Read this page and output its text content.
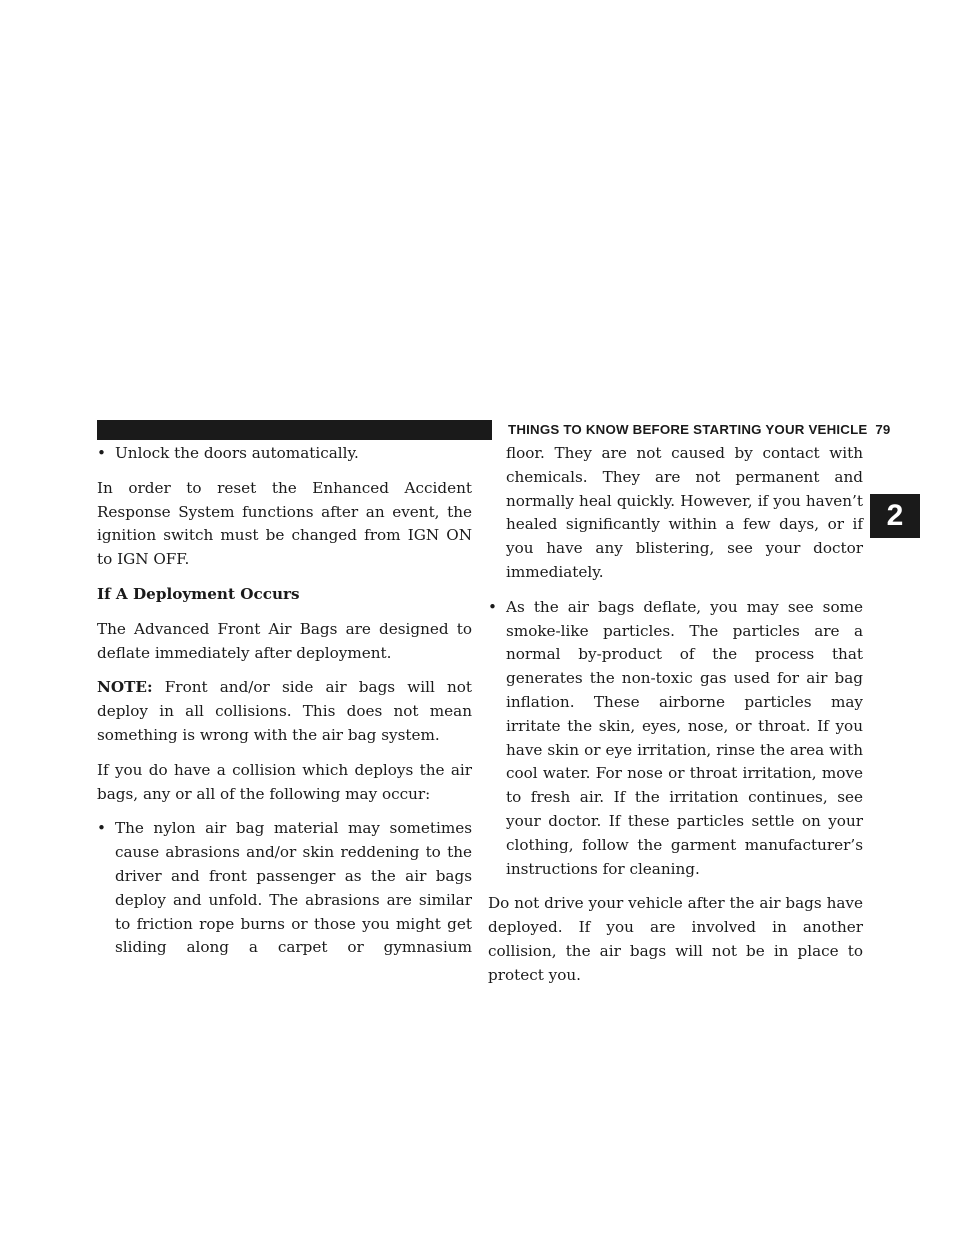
THINGS TO KNOW BEFORE STARTING YOUR VEHICLE 79
2
• Unlock the doors automatically.

In order to reset the Enhanced Accident Response System functions after an event, the ignition switch must be changed from IGN ON to IGN OFF.

If A Deployment Occurs

The Advanced Front Air Bags are designed to deflate immediately after deployment.

NOTE: Front and/or side air bags will not deploy in all collisions. This does not mean something is wrong with the air bag system.

If you do have a collision which deploys the air bags, any or all of the following may occur:

• The nylon air bag material may sometimes cause abrasions and/or skin reddening to the driver and front passenger as the air bags deploy and unfold. The abrasions are similar to friction rope burns or those you might get sliding along a carpet or gymnasium

floor. They are not caused by contact with chemicals. They are not permanent and normally heal quickly. However, if you haven’t healed significantly within a few days, or if you have any blistering, see your doctor immediately.

• As the air bags deflate, you may see some smoke-like particles. The particles are a normal by-product of the process that generates the non-toxic gas used for air bag inflation. These airborne particles may irritate the skin, eyes, nose, or throat. If you have skin or eye irritation, rinse the area with cool water. For nose or throat irritation, move to fresh air. If the irritation continues, see your doctor. If these particles settle on your clothing, follow the garment manufacturer’s instructions for cleaning.

Do not drive your vehicle after the air bags have deployed. If you are involved in another collision, the air bags will not be in place to protect you.
